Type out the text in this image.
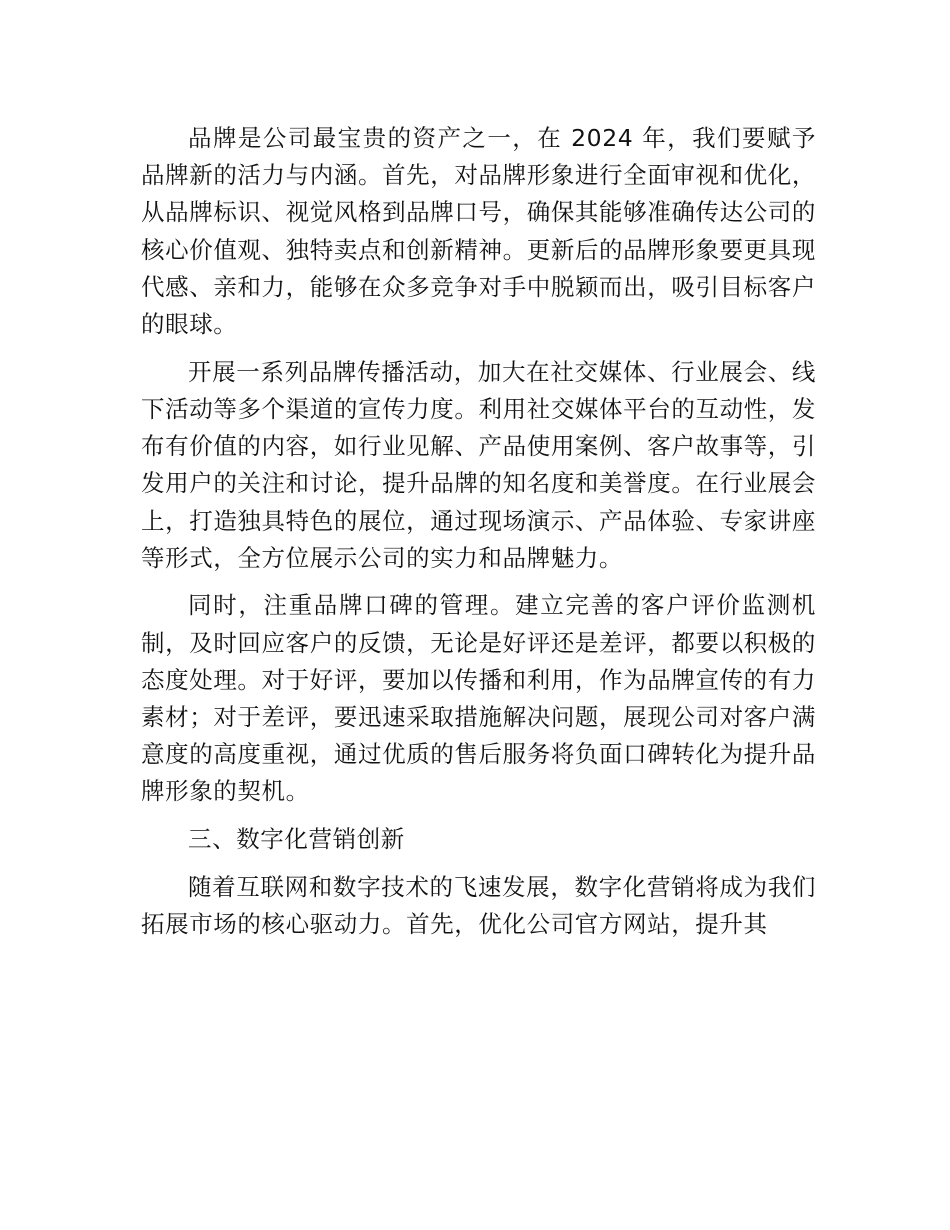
品牌是公司最宝贵的资产之一，在 2024 年，我们要赋予品牌新的活力与内涵。首先，对品牌形象进行全面审视和优化，从品牌标识、视觉风格到品牌口号，确保其能够准确传达公司的核心价值观、独特卖点和创新精神。更新后的品牌形象要更具现代感、亲和力，能够在众多竞争对手中脱颖而出，吸引目标客户的眼球。

开展一系列品牌传播活动，加大在社交媒体、行业展会、线下活动等多个渠道的宣传力度。利用社交媒体平台的互动性，发布有价值的内容，如行业见解、产品使用案例、客户故事等，引发用户的关注和讨论，提升品牌的知名度和美誉度。在行业展会上，打造独具特色的展位，通过现场演示、产品体验、专家讲座等形式，全方位展示公司的实力和品牌魅力。

同时，注重品牌口碑的管理。建立完善的客户评价监测机制，及时回应客户的反馈，无论是好评还是差评，都要以积极的态度处理。对于好评，要加以传播和利用，作为品牌宣传的有力素材；对于差评，要迅速采取措施解决问题，展现公司对客户满意度的高度重视，通过优质的售后服务将负面口碑转化为提升品牌形象的契机。

三、数字化营销创新

随着互联网和数字技术的飞速发展，数字化营销将成为我们拓展市场的核心驱动力。首先，优化公司官方网站，提升其
